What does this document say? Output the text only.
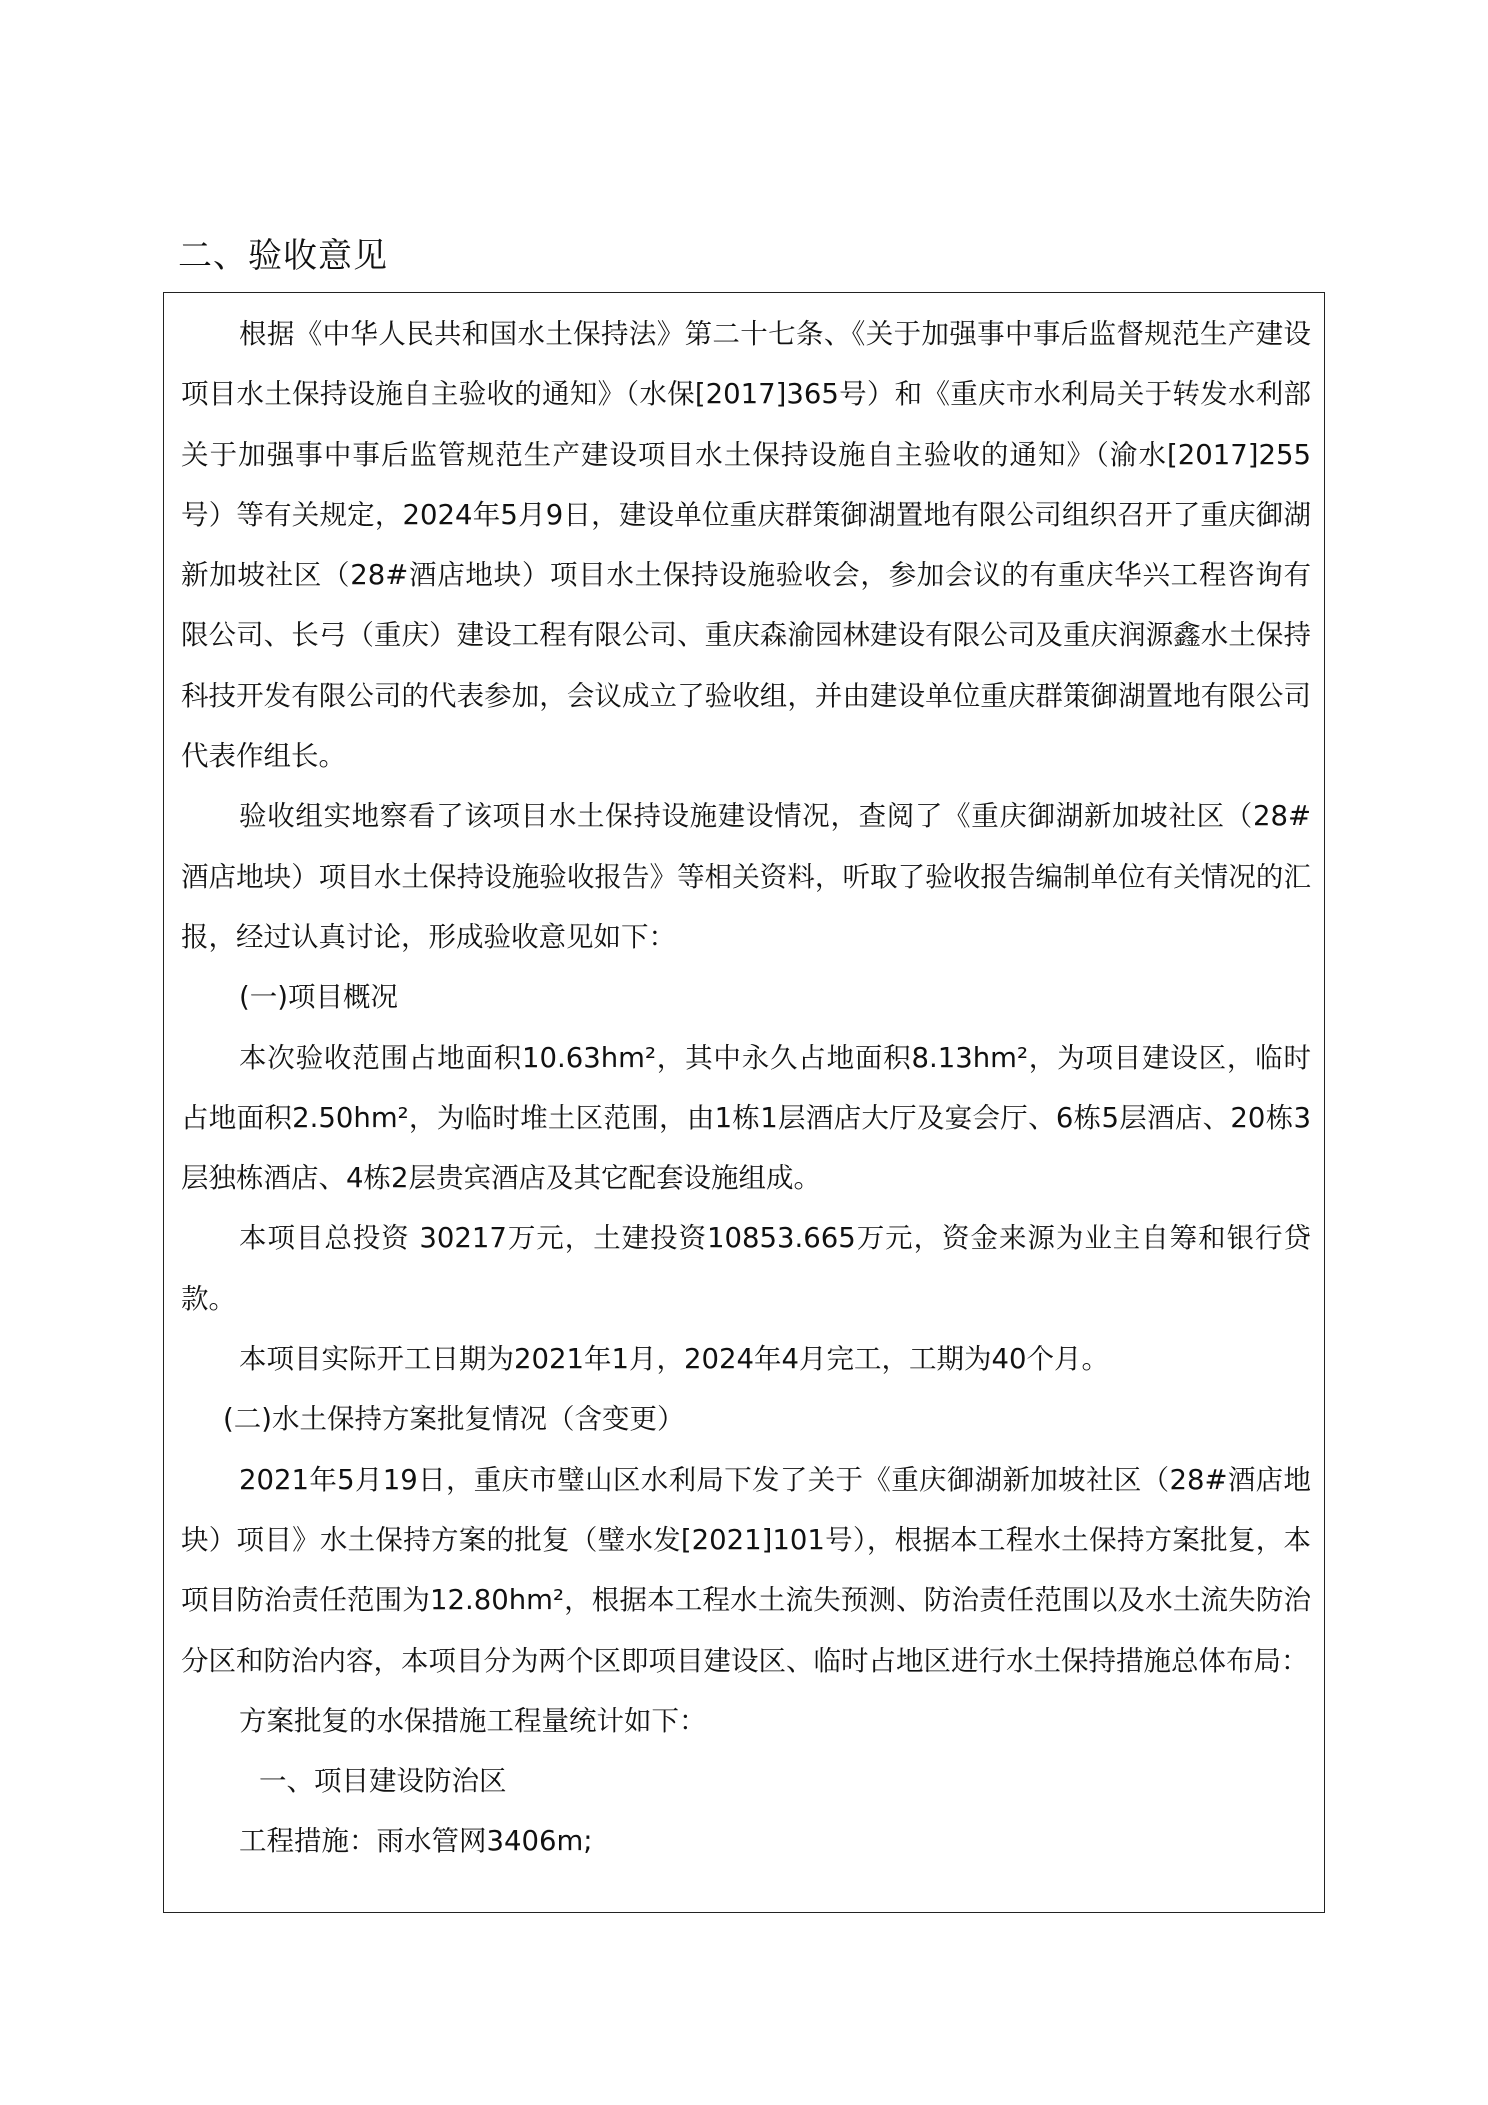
二、验收意见

根据《中华人民共和国水土保持法》第二十七条、《关于加强事中事后监督规范生产建设项目水土保持设施自主验收的通知》（水保[2017]365号）和《重庆市水利局关于转发水利部关于加强事中事后监管规范生产建设项目水土保持设施自主验收的通知》（渝水[2017]255号）等有关规定，2024年5月9日，建设单位重庆群策御湖置地有限公司组织召开了重庆御湖新加坡社区（28#酒店地块）项目水土保持设施验收会，参加会议的有重庆华兴工程咨询有限公司、长弓（重庆）建设工程有限公司、重庆森渝园林建设有限公司及重庆润源鑫水土保持科技开发有限公司的代表参加，会议成立了验收组，并由建设单位重庆群策御湖置地有限公司代表作组长。

验收组实地察看了该项目水土保持设施建设情况，查阅了《重庆御湖新加坡社区（28#酒店地块）项目水土保持设施验收报告》等相关资料，听取了验收报告编制单位有关情况的汇报，经过认真讨论，形成验收意见如下：

(一)项目概况

本次验收范围占地面积10.63hm²，其中永久占地面积8.13hm²，为项目建设区，临时占地面积2.50hm²，为临时堆土区范围，由1栋1层酒店大厅及宴会厅、6栋5层酒店、20栋3层独栋酒店、4栋2层贵宾酒店及其它配套设施组成。

本项目总投资 30217万元，土建投资10853.665万元，资金来源为业主自筹和银行贷款。

本项目实际开工日期为2021年1月，2024年4月完工，工期为40个月。

(二)水土保持方案批复情况（含变更）

2021年5月19日，重庆市璧山区水利局下发了关于《重庆御湖新加坡社区（28#酒店地块）项目》水土保持方案的批复（璧水发[2021]101号），根据本工程水土保持方案批复，本项目防治责任范围为12.80hm²，根据本工程水土流失预测、防治责任范围以及水土流失防治分区和防治内容，本项目分为两个区即项目建设区、临时占地区进行水土保持措施总体布局：

方案批复的水保措施工程量统计如下：

一、项目建设防治区

工程措施：雨水管网3406m;
